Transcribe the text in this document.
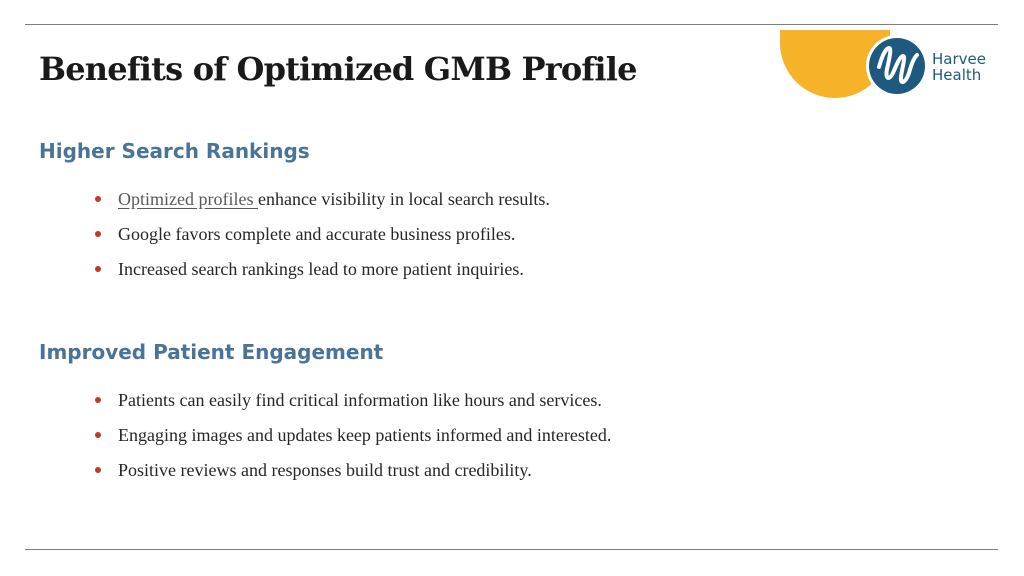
Benefits of Optimized GMB Profile	Harvee
Health
Higher Search Rankings
Optimized profiles enhance visibility in local search results.
Google favors complete and accurate business profiles.
Increased search rankings lead to more patient inquiries.
Improved Patient Engagement
Patients can easily find critical information like hours and services.
Engaging images and updates keep patients informed and interested.
Positive reviews and responses build trust and credibility.
